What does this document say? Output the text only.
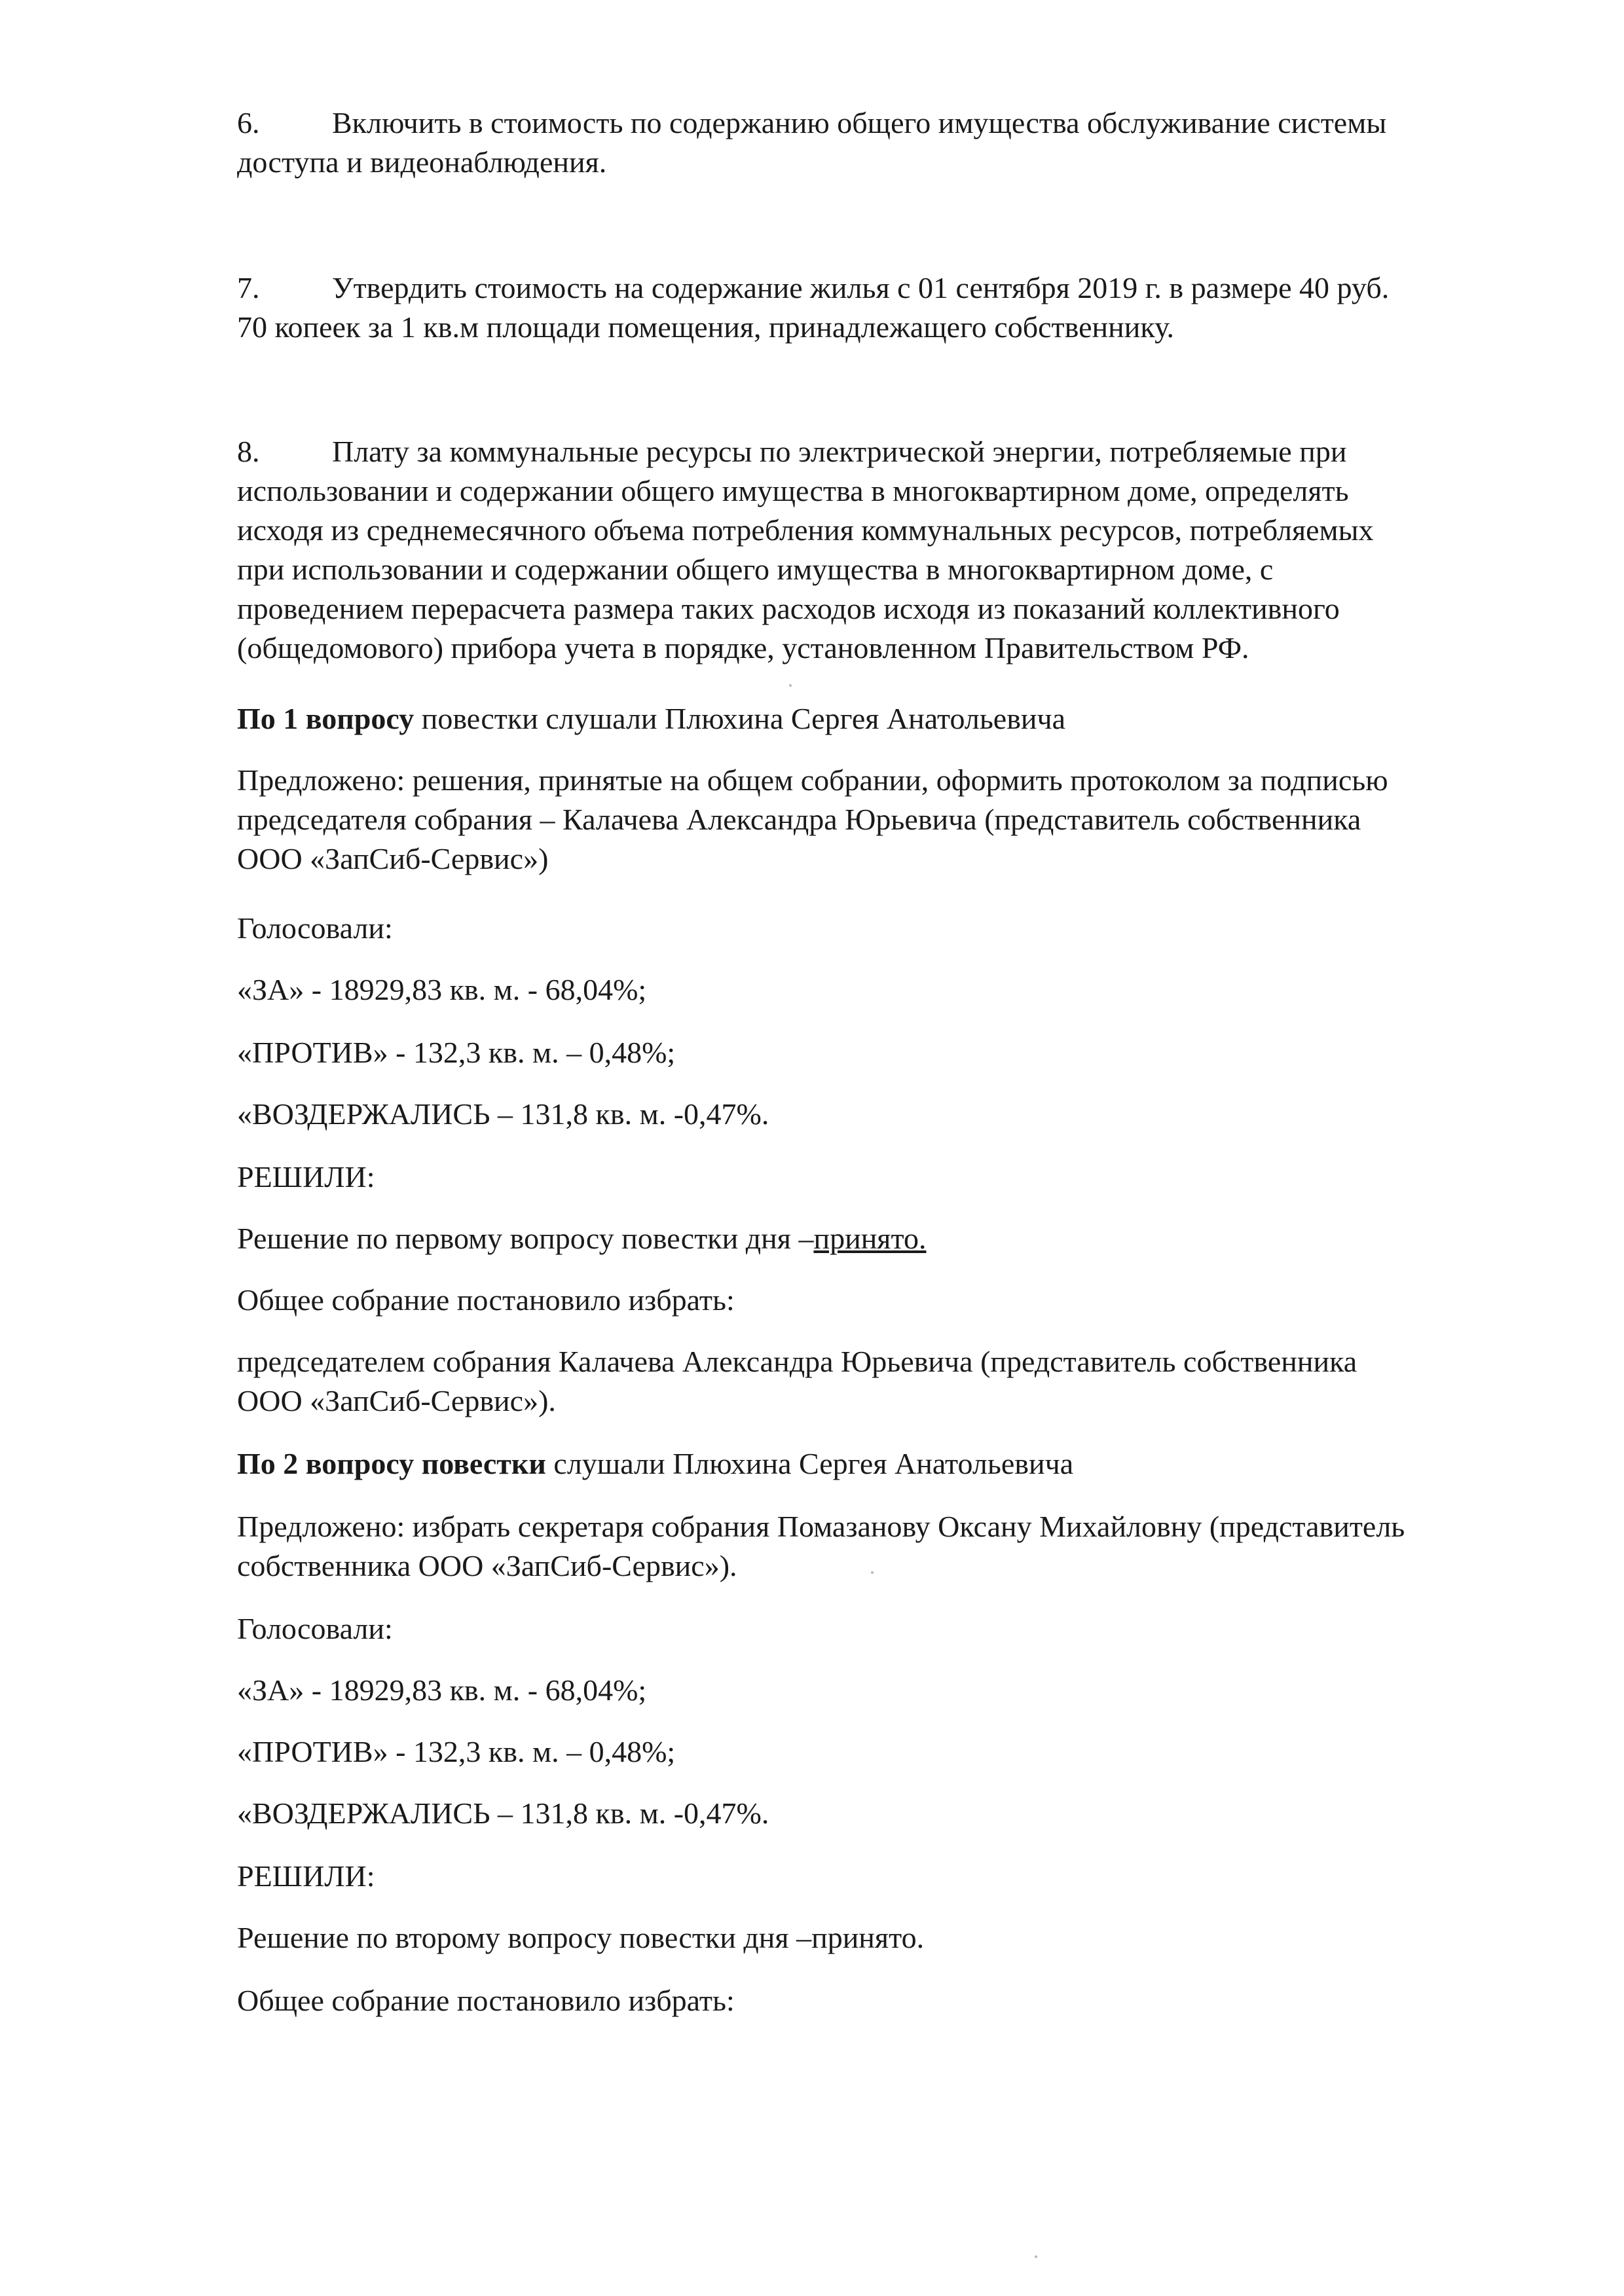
6. Включить в стоимость по содержанию общего имущества обслуживание системы
доступа и видеонаблюдения.
7. Утвердить стоимость на содержание жилья с 01 сентября 2019 г. в размере 40 руб.
70 копеек за 1 кв.м площади помещения, принадлежащего собственнику.
8. Плату за коммунальные ресурсы по электрической энергии, потребляемые при
использовании и содержании общего имущества в многоквартирном доме, определять
исходя из среднемесячного объема потребления коммунальных ресурсов, потребляемых
при использовании и содержании общего имущества в многоквартирном доме, с
проведением перерасчета размера таких расходов исходя из показаний коллективного
(общедомового) прибора учета в порядке, установленном Правительством РФ.
По 1 вопросу повестки слушали Плюхина Сергея Анатольевича
Предложено: решения, принятые на общем собрании, оформить протоколом за подписью
председателя собрания – Калачева Александра Юрьевича (представитель собственника
ООО «ЗапСиб-Сервис»)
Голосовали:
«ЗА» - 18929,83 кв. м. - 68,04%;
«ПРОТИВ» - 132,3 кв. м. – 0,48%;
«ВОЗДЕРЖАЛИСЬ – 131,8 кв. м. -0,47%.
РЕШИЛИ:
Решение по первому вопросу повестки дня –принято.
Общее собрание постановило избрать:
председателем собрания Калачева Александра Юрьевича (представитель собственника
ООО «ЗапСиб-Сервис»).
По 2 вопросу повестки слушали Плюхина Сергея Анатольевича
Предложено: избрать секретаря собрания Помазанову Оксану Михайловну (представитель
собственника ООО «ЗапСиб-Сервис»).
Голосовали:
«ЗА» - 18929,83 кв. м. - 68,04%;
«ПРОТИВ» - 132,3 кв. м. – 0,48%;
«ВОЗДЕРЖАЛИСЬ – 131,8 кв. м. -0,47%.
РЕШИЛИ:
Решение по второму вопросу повестки дня –принято.
Общее собрание постановило избрать:
